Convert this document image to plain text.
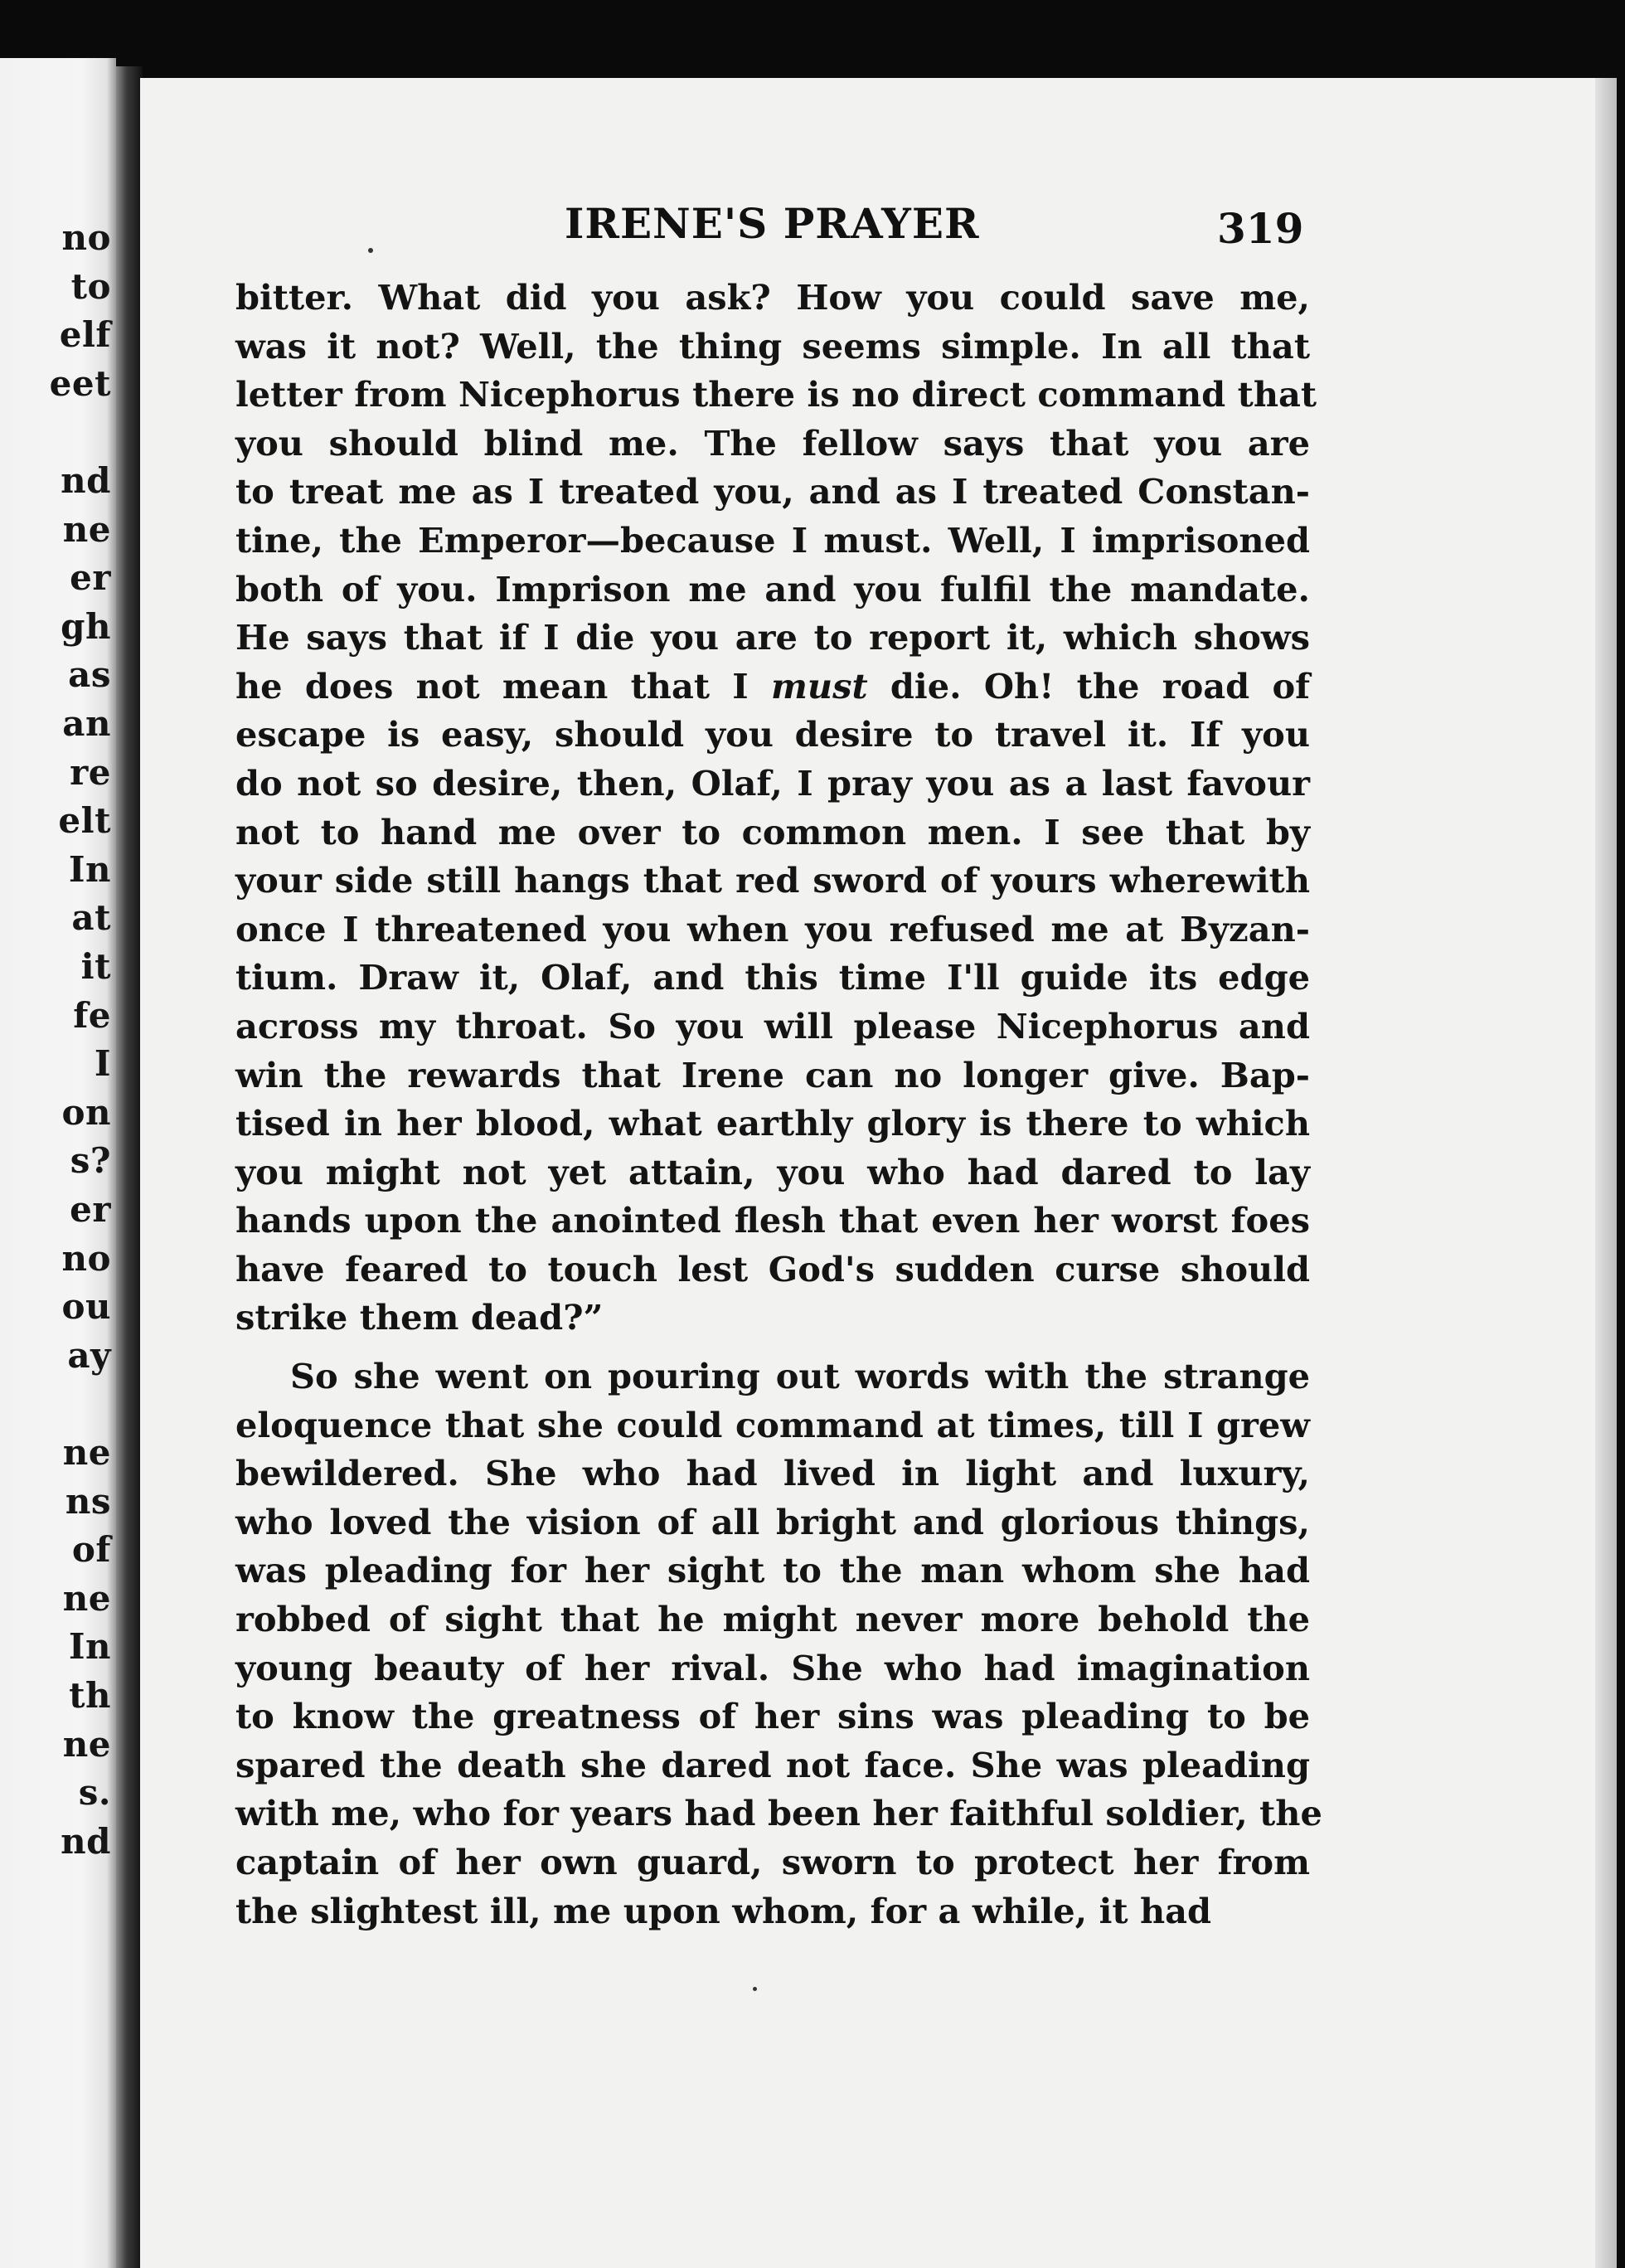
no
to
elf
eet
nd
ne
er
gh
as
an
re
elt
In
at
it
fe
I
on
s?
er
no
ou
ay
ne
ns
of
ne
In
th
ne
s.
nd
IRENE'S PRAYER	319
bitter. What did you ask? How you could save me,
was it not? Well, the thing seems simple. In all that
letter from Nicephorus there is no direct command that
you should blind me. The fellow says that you are
to treat me as I treated you, and as I treated Constan-
tine, the Emperor—because I must. Well, I imprisoned
both of you. Imprison me and you fulfil the mandate.
He says that if I die you are to report it, which shows
he does not mean that I must die. Oh! the road of
escape is easy, should you desire to travel it. If you
do not so desire, then, Olaf, I pray you as a last favour
not to hand me over to common men. I see that by
your side still hangs that red sword of yours wherewith
once I threatened you when you refused me at Byzan-
tium. Draw it, Olaf, and this time I'll guide its edge
across my throat. So you will please Nicephorus and
win the rewards that Irene can no longer give. Bap-
tised in her blood, what earthly glory is there to which
you might not yet attain, you who had dared to lay
hands upon the anointed flesh that even her worst foes
have feared to touch lest God's sudden curse should
strike them dead?”
So she went on pouring out words with the strange
eloquence that she could command at times, till I grew
bewildered. She who had lived in light and luxury,
who loved the vision of all bright and glorious things,
was pleading for her sight to the man whom she had
robbed of sight that he might never more behold the
young beauty of her rival. She who had imagination
to know the greatness of her sins was pleading to be
spared the death she dared not face. She was pleading
with me, who for years had been her faithful soldier, the
captain of her own guard, sworn to protect her from
the slightest ill, me upon whom, for a while, it had
